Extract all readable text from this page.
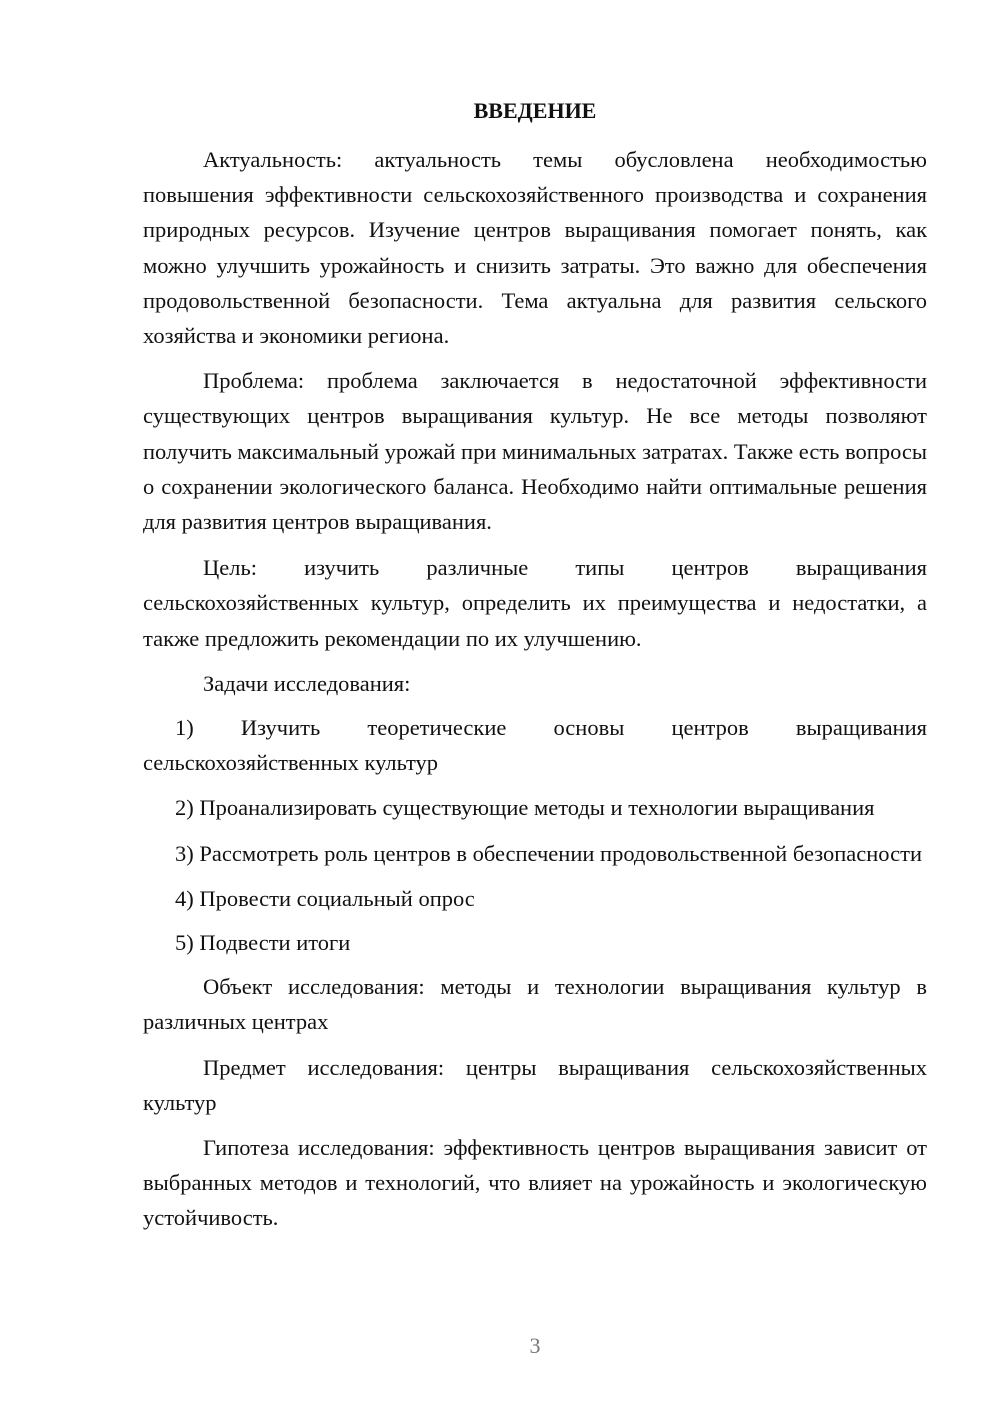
ВВЕДЕНИЕ

Актуальность: актуальность темы обусловлена необходимостью повышения эффективности сельскохозяйственного производства и сохранения природных ресурсов. Изучение центров выращивания помогает понять, как можно улучшить урожайность и снизить затраты. Это важно для обеспечения продовольственной безопасности. Тема актуальна для развития сельского хозяйства и экономики региона.

Проблема: проблема заключается в недостаточной эффективности существующих центров выращивания культур. Не все методы позволяют получить максимальный урожай при минимальных затратах. Также есть вопросы о сохранении экологического баланса. Необходимо найти оптимальные решения для развития центров выращивания.

Цель: изучить различные типы центров выращивания сельскохозяйственных культур, определить их преимущества и недостатки, а также предложить рекомендации по их улучшению.

Задачи исследования:

1) Изучить теоретические основы центров выращивания сельскохозяйственных культур

2) Проанализировать существующие методы и технологии выращивания

3) Рассмотреть роль центров в обеспечении продовольственной безопасности

4) Провести социальный опрос

5) Подвести итоги

Объект исследования: методы и технологии выращивания культур в различных центрах

Предмет исследования: центры выращивания сельскохозяйственных культур

Гипотеза исследования: эффективность центров выращивания зависит от выбранных методов и технологий, что влияет на урожайность и экологическую устойчивость.

3
